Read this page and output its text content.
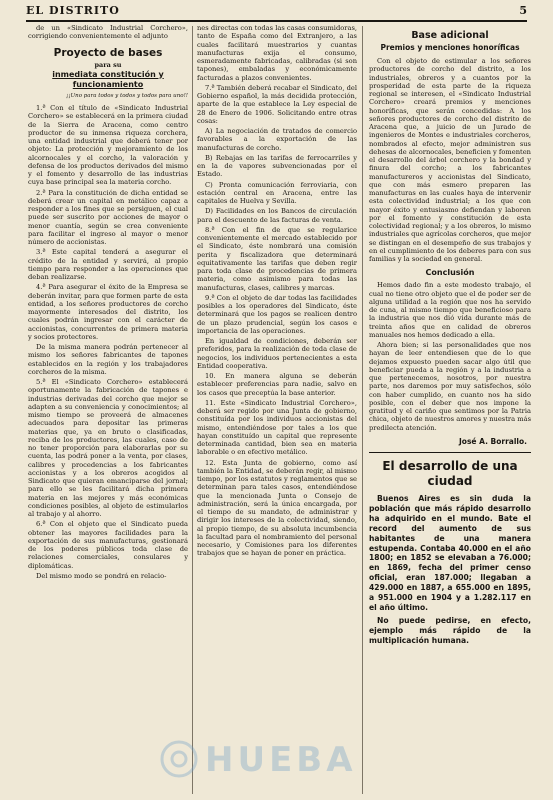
EL DISTRITO	5

de un «Sindicato Industrial Corchero», corrigiendo convenientemente el adjunto

Proyecto de bases
para su
inmediata constitución y funcionamiento
¡¡Uno para todos y todos y todos para uno!!

1.ª Con el título de «Sindicato Industrial Corchero» se establecerá en la primera ciudad de la Sierra de Aracena, como centro productor de su inmensa riqueza corchera, una entidad industrial que deberá tener por objeto: La protección y mejoramiento de los alcornocales y el corcho, la valoración y defensa de los productos derivados del mismo y el fomento y desarrollo de las industrias cuya base principal sea la materia corcho.

2.ª Para la constitución de dicha entidad se deberá crear un capital en metálico capaz a responder a los fines que se persiguen, el cual puede ser suscrito por acciones de mayor o menor cuantía, según se crea conveniente para facilitar el ingreso al mayor o menor número de accionistas.

3.ª Este capital tenderá a asegurar el crédito de la entidad y servirá, al propio tiempo para responder a las operaciones que deban realizarse.

4.ª Para asegurar el éxito de la Empresa se deberán invitar, para que formen parte de esta entidad, a los señores productores de corcho mayormente interesados del distrito, los cuales podrán ingresar con el carácter de accionistas, concurrentes de primera materia y socios protectores.

De la misma manera podrán pertenecer al mismo los señores fabricantes de tapones establecidos en la región y los trabajadores corcheros de la misma.

5.ª El «Sindicato Corchero» establecerá oportunamente la fabricación de tapones e industrias derivadas del corcho que mejor se adapten a su conveniencia y conocimientos; al mismo tiempo se proveerá de almacenes adecuados para depositar las primeras materias que, ya en bruto o clasificadas, reciba de los productores, las cuales, caso de no tener proporción para elaborarlas por su cuenta, las podrá poner a la venta, por clases, calibres y procedencias a los fabricantes accionistas y a los obreros acogidos al Sindicato que quieran emanciparse del jornal; para ello se les facilitará dicha primera materia en las mejores y más económicas condiciones posibles, al objeto de estimularlos al trabajo y al ahorro.

6.ª Con el objeto que el Sindicato pueda obtener las mayores facilidades para la exportación de sus manufacturas, gestionará de los poderes públicos toda clase de relaciones comerciales, consulares y diplomáticas.

Del mismo modo se pondrá en relacio-

nes directas con todas las casas consumidoras, tanto de España como del Extranjero, a las cuales facilitará muestrarios y cuantas manufacturas exija el consumo, esmeradamente fabricadas, calibradas (si son tapones), embaladas y económicamente facturadas a plazos convenientes.

7.ª También deberá recabar el Sindicato, del Gobierno español, la más decidida protección, aparte de la que establece la Ley especial de 28 de Enero de 1906. Solicitando entre otras cosas:

A) La negociación de tratados de comercio favorables a la exportación de las manufacturas de corcho.

B) Rebajas en las tarifas de ferrocarriles y en la de vapores subvencionadas por el Estado.

C) Pronta comunicación ferroviaria, con estación central en Aracena, entre las capitales de Huelva y Sevilla.

D) Facilidades en los Bancos de circulación para el descuento de las facturas de venta.

8.ª Con el fin de que se regularice convenientemente el mercado establecido por el Sindicato, éste nombrará una comisión perita y fiscalizadora que determinará equitativamente las tarifas que deben regir para toda clase de procedencias de primera materia, como asimismo para todas las manufacturas, clases, calibres y marcas.

9.ª Con el objeto de dar todas las facilidades posibles a los operadores del Sindicato, éste determinará que los pagos se realicen dentro de un plazo prudencial, según los casos e importancia de las operaciones.

En igualdad de condiciones, deberán ser preferidos, para la realización de toda clase de negocios, los individuos pertenecientes a esta Entidad cooperativa.

10. En manera alguna se deberán establecer preferencias para nadie, salvo en los casos que preceptúa la base anterior.

11. Este «Sindicato Industrial Corchero», deberá ser regido por una Junta de gobierno, constituída por los individuos accionistas del mismo, entendiéndose por tales a los que hayan constituído un capital que represente determinada cantidad, bien sea en materia laborable o en efectivo metálico.

12. Esta Junta de gobierno, como así también la Entidad, se deberán regir, al mismo tiempo, por los estatutos y reglamentos que se determinan para tales casos, entendiéndose que la mencionada Junta o Consejo de administración, será la única encargada, por el tiempo de su mandato, de administrar y dirigir los intereses de la colectividad, siendo, al propio tiempo, de su absoluta incumbencia la facultad para el nombramiento del personal necesario, y Comisiones para los diferentes trabajos que se hayan de poner en práctica.

Base adicional
Premios y menciones honoríficas

Con el objeto de estimular a los señores productores de corcho del distrito, a los industriales, obreros y a cuantos por la prosperidad de esta parte de la riqueza regional se interesen, el «Sindicato Industrial Corchero» creará premios y menciones honoríficas, que serán concedidas: A los señores productores de corcho del distrito de Aracena que, a juicio de un Jurado de ingenieros de Montes e industriales corcheros, nombrados al efecto, mejor administren sus dehesas de alcornocales, beneficien y fomenten el desarrollo del árbol corchero y la bondad y finura del corcho; a los fabricantes manufactureros y accionistas del Sindicato, que con más esmero preparen las manufacturas en las cuales haya de intervenir esta colectividad industrial; a los que con mayor éxito y entusiasmo defiendan y laboren por el fomento y constitución de esta colectividad regional; y a los obreros, lo mismo industriales que agrícolas corcheros, que mejor se distingan en el desempeño de sus trabajos y en el cumplimiento de los deberes para con sus familias y la sociedad en general.

Conclusión

Hemos dado fin a este modesto trabajo, el cual no tiene otro objeto que el de poder ser de alguna utilidad a la región que nos ha servido de cuna, al mismo tiempo que beneficioso para la industria que nos dió vida durante más de treinta años que en calidad de obreros manuales nos hemos dedicado a ella.

Ahora bien; si las personalidades que nos hayan de leer entendiesen que de lo que dejamos expuesto pueden sacar algo útil que beneficiar pueda a la región y a la industria a que pertenecemos, nosotros, por nuestra parte, nos daremos por muy satisfechos, sólo con haber cumplido, en cuanto nos ha sido posible, con el deber que nos impone la gratitud y el cariño que sentimos por la Patria chica, objeto de nuestros amores y nuestra más predilecta atención.

José A. Borrallo.
El desarrollo de una ciudad

Buenos Aires es sin duda la población que más rápido desarrollo ha adquirido en el mundo. Bate el record del aumento de sus habitantes de una manera estupenda. Contaba 40.000 en el año 1800; en 1852 se elevaban a 76.000; en 1869, fecha del primer censo oficial, eran 187.000; llegaban a 429.000 en 1887, a 655.000 en 1895, a 951.000 en 1904 y a 1.282.117 en el año último.

No puede pedirse, en efecto, ejemplo más rápido de la multiplicación humana.

HUEBA
